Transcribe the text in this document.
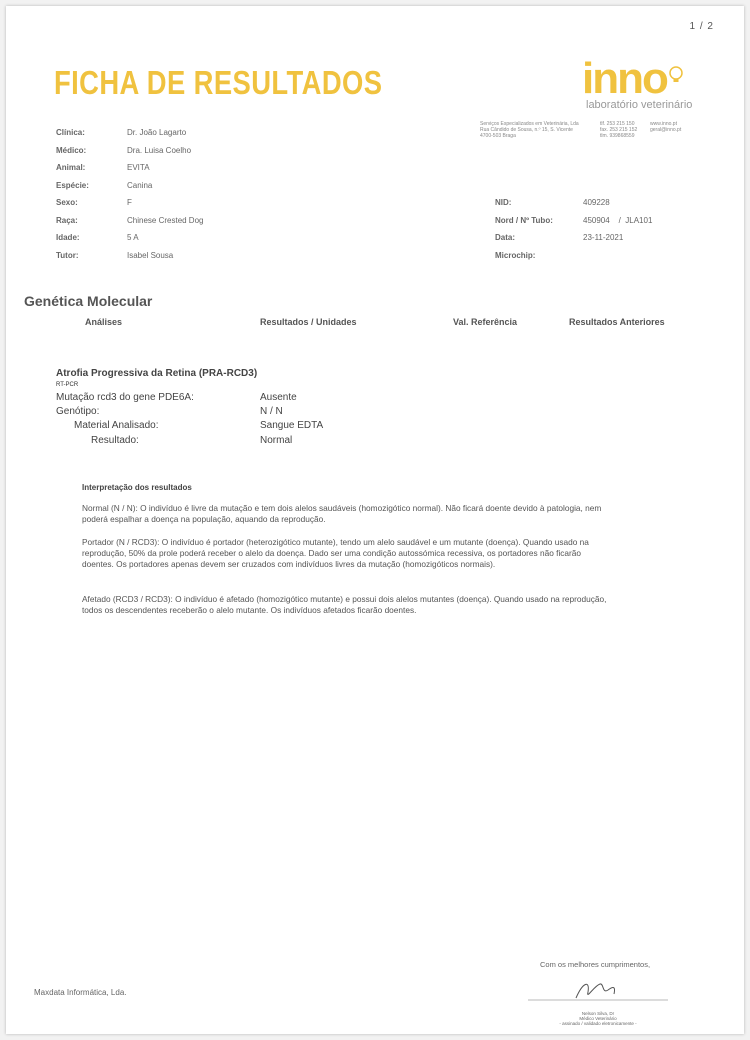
1 / 2
FICHA DE RESULTADOS	inno
laboratório veterinário
Serviços Especializados em Veterinária, Lda
Rua Cândido de Sousa, n.º 15, S. Vicente
4700-503 Braga
tlf. 253 215 150
fax. 253 215 152
tlm. 939868559
www.inno.pt
geral@inno.pt
Clínica:	Dr. João Lagarto
Médico:	Dra. Luisa Coelho
Animal:	EVITA
Espécie:	Canina
Sexo:	F
Raça:	Chinese Crested Dog
Idade:	5 A
Tutor:	Isabel Sousa
NID:	409228
Nord / Nº Tubo:	450904    /  JLA101
Data:	23-11-2021
Microchip:
Genética Molecular
Análises	Resultados / Unidades	Val. Referência	Resultados Anteriores
Atrofia Progressiva da Retina (PRA-RCD3)
RT-PCR
Mutação rcd3 do gene PDE6A:	Ausente
Genótipo:	N / N
Material Analisado:	Sangue EDTA
Resultado:	Normal
Interpretação dos resultados
Normal (N / N): O indivíduo é livre da mutação e tem dois alelos saudáveis (homozigótico normal). Não ficará doente devido à patologia, nem poderá espalhar a doença na população, aquando da reprodução.
Portador (N / RCD3): O indivíduo é portador (heterozigótico mutante), tendo um alelo saudável e um mutante (doença). Quando usado na reprodução, 50% da prole poderá receber o alelo da doença. Dado ser uma condição autossómica recessiva, os portadores não ficarão doentes. Os portadores apenas devem ser cruzados com indivíduos livres da mutação (homozigóticos normais).
Afetado (RCD3 / RCD3): O indivíduo é afetado (homozigótico mutante) e possui dois alelos mutantes (doença). Quando usado na reprodução, todos os descendentes receberão o alelo mutante. Os indivíduos afetados ficarão doentes.
Com os melhores cumprimentos,
Maxdata Informática, Lda.
Nelson Silva, Dr
Médico Veterinário
- assinado / validado eletronicamente -
